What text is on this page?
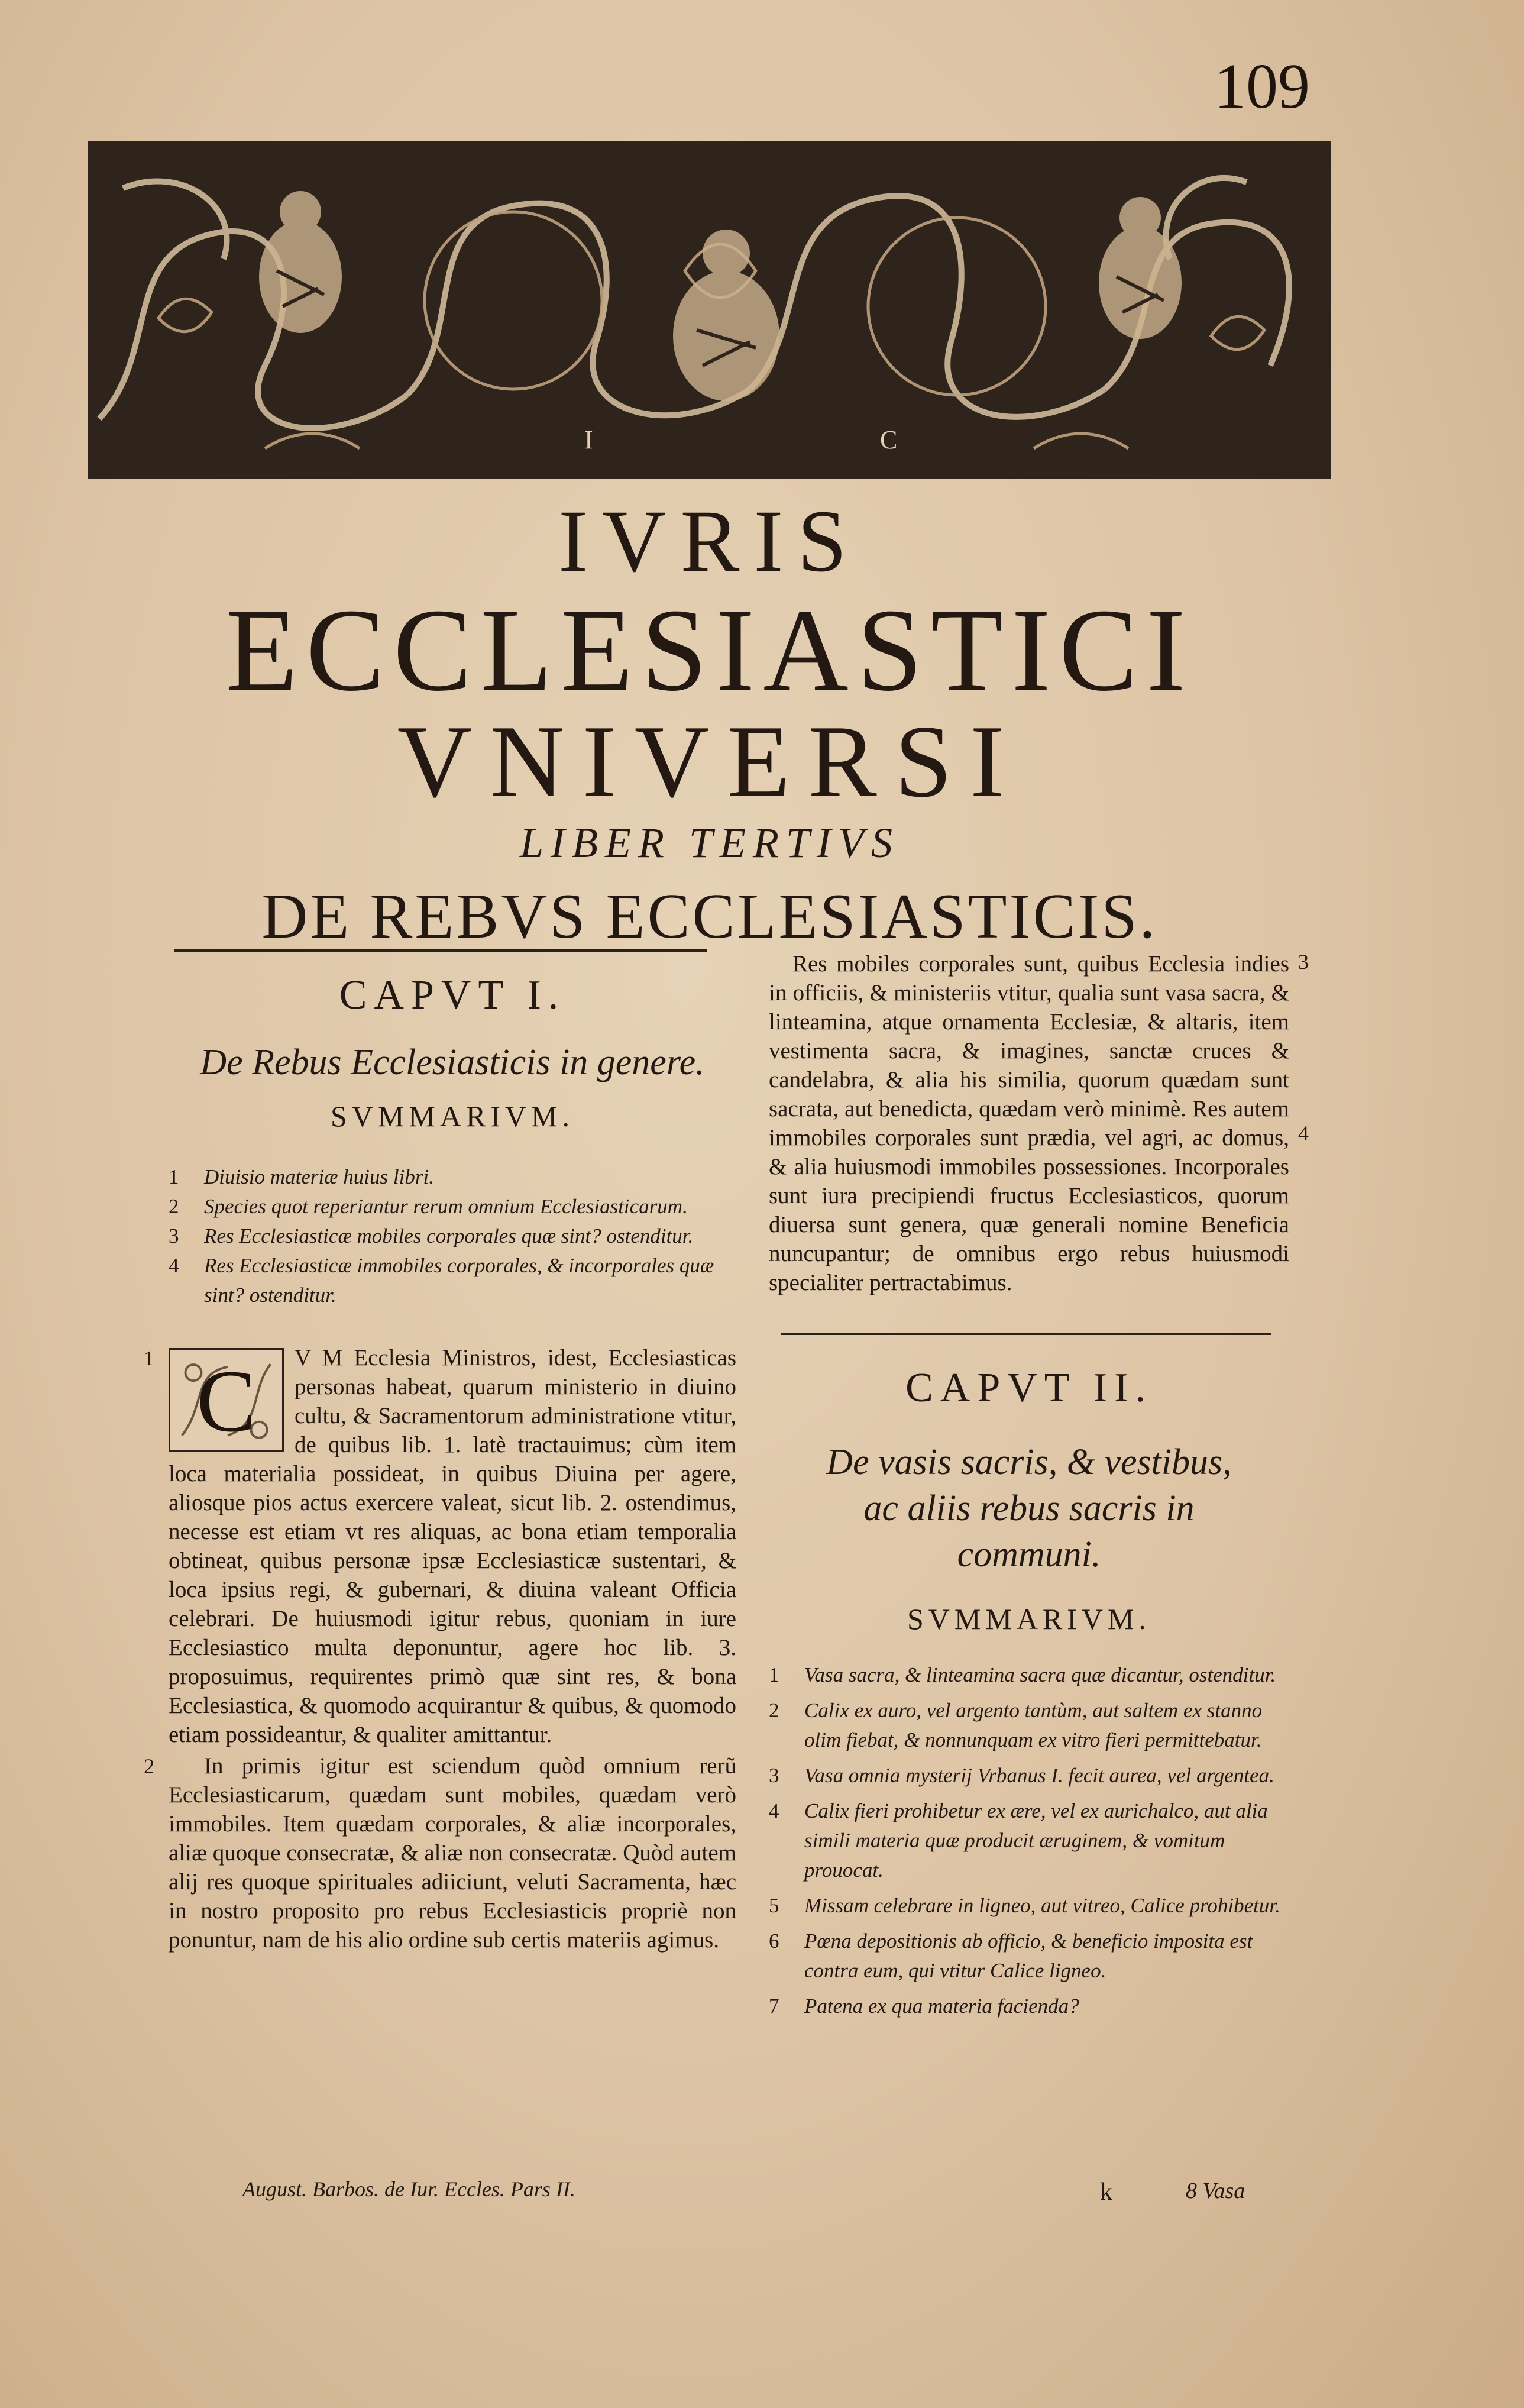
109
I	C
IVRIS
ECCLESIASTICI
VNIVERSI
LIBER TERTIVS
DE REBVS ECCLESIASTICIS.
CAPVT I.
De Rebus Ecclesiasticis in genere.
SVMMARIVM.
1	Diuisio materiæ huius libri.
2	Species quot reperiantur rerum omnium Ecclesiasticarum.
3	Res Ecclesiasticæ mobiles corporales quæ sint? ostenditur.
4	Res Ecclesiasticæ immobiles corporales, & incorporales quæ sint? ostenditur.
1 C	V M Ecclesia Ministros, idest, Ecclesiasticas personas habeat, quarum ministerio in diuino cultu, & Sacramentorum administratione vtitur, de quibus lib. 1. latè tractauimus; cùm item loca materialia possideat, in quibus Diuina per agere, aliosque pios actus exercere valeat, sicut lib. 2. ostendimus, necesse est etiam vt res aliquas, ac bona etiam temporalia obtineat, quibus personæ ipsæ Ecclesiasticæ sustentari, & loca ipsius regi, & gubernari, & diuina valeant Officia celebrari. De huiusmodi igitur rebus, quoniam in iure Ecclesiastico multa deponuntur, agere hoc lib. 3. proposuimus, requirentes primò quæ sint res, & bona Ecclesiastica, & quomodo acquirantur & quibus, & quomodo etiam possideantur, & qualiter amittantur.
2	In primis igitur est sciendum quòd omnium rerũ Ecclesiasticarum, quædam sunt mobiles, quædam verò immobiles. Item quædam corporales, & aliæ incorporales, aliæ quoque consecratæ, & aliæ non consecratæ. Quòd autem alij res quoque spirituales adiiciunt, veluti Sacramenta, hæc in nostro proposito pro rebus Ecclesiasticis propriè non ponuntur, nam de his alio ordine sub certis materiis agimus.
3
4
Res mobiles corporales sunt, quibus Ecclesia indies in officiis, & ministeriis vtitur, qualia sunt vasa sacra, & linteamina, atque ornamenta Ecclesiæ, & altaris, item vestimenta sacra, & imagines, sanctæ cruces & candelabra, & alia his similia, quorum quædam sunt sacrata, aut benedicta, quædam verò minimè. Res autem immobiles corporales sunt prædia, vel agri, ac domus, & alia huiusmodi immobiles possessiones. Incorporales sunt iura precipiendi fructus Ecclesiasticos, quorum diuersa sunt genera, quæ generali nomine Beneficia nuncupantur; de omnibus ergo rebus huiusmodi specialiter pertractabimus.
CAPVT II.
De vasis sacris, & vestibus,
ac aliis rebus sacris in
communi.
SVMMARIVM.
1	Vasa sacra, & linteamina sacra quæ dicantur, ostenditur.
2	Calix ex auro, vel argento tantùm, aut saltem ex stanno olim fiebat, & nonnunquam ex vitro fieri permittebatur.
3	Vasa omnia mysterij Vrbanus I. fecit aurea, vel argentea.
4	Calix fieri prohibetur ex ære, vel ex aurichalco, aut alia simili materia quæ producit æruginem, & vomitum prouocat.
5	Missam celebrare in ligneo, aut vitreo, Calice prohibetur.
6	Pœna depositionis ab officio, & beneficio imposita est contra eum, qui vtitur Calice ligneo.
7	Patena ex qua materia facienda?
August. Barbos. de Iur. Eccles. Pars II.	k	8 Vasa
